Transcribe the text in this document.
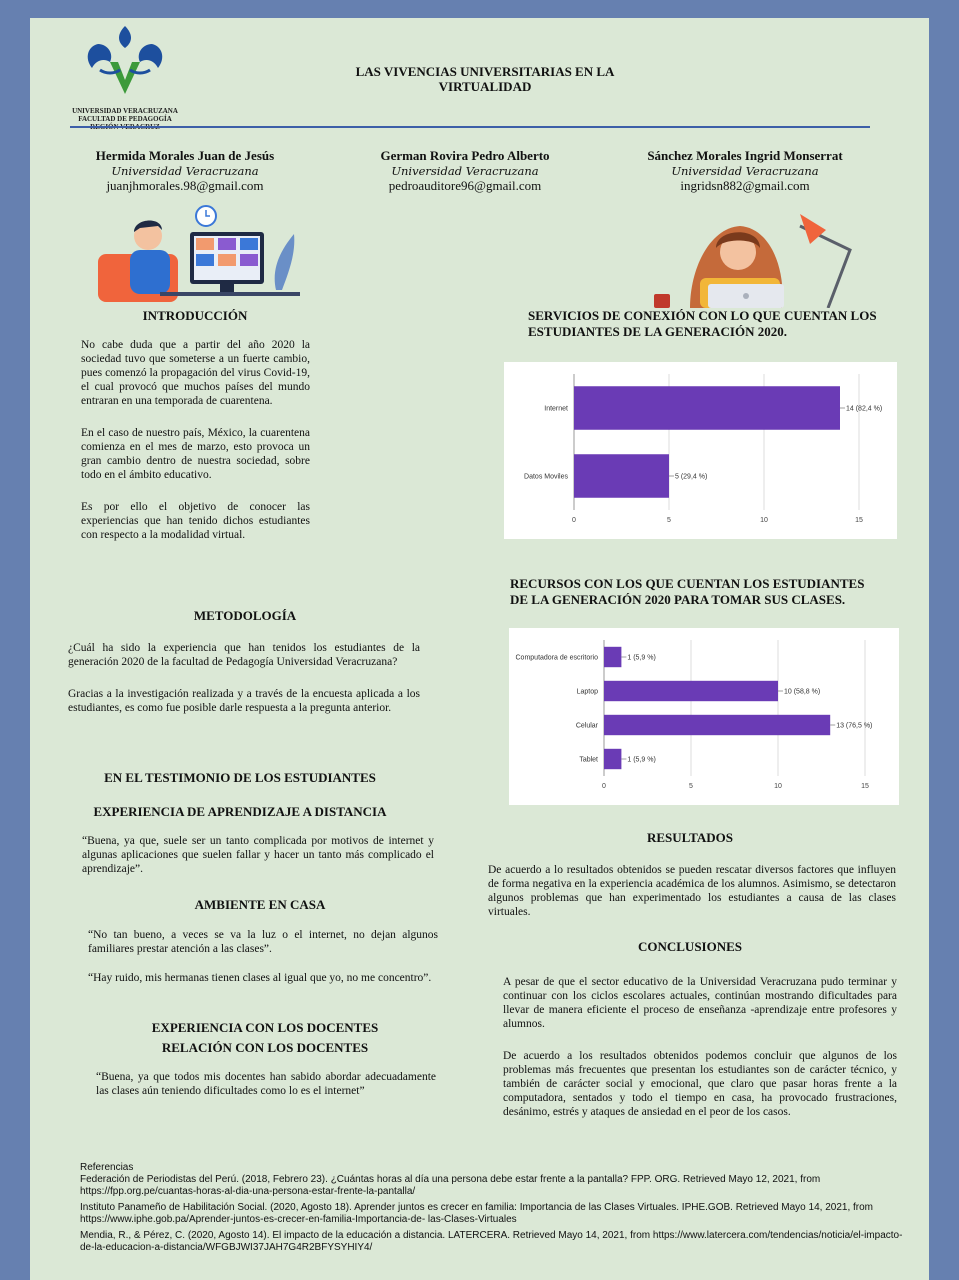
UNIVERSIDAD VERACRUZANA
FACULTAD DE PEDAGOGÍA
LAS VIVENCIAS UNIVERSITARIAS EN LA
VIRTUALIDAD
Hermida Morales Juan de Jesús
Universidad Veracruzana
juanjhmorales.98@gmail.com
German Rovira Pedro Alberto
Universidad Veracruzana
pedroauditore96@gmail.com
Sánchez Morales Ingrid Monserrat
Universidad Veracruzana
ingridsn882@gmail.com
INTRODUCCIÓN

No cabe duda que a partir del año 2020 la sociedad tuvo que someterse a un fuerte cambio, pues comenzó la propagación del virus Covid-19, el cual provocó que muchos países del mundo entraran en una temporada de cuarentena.

En el caso de nuestro país, México, la cuarentena comienza en el mes de marzo, esto provoca un gran cambio dentro de nuestra sociedad, sobre todo en el ámbito educativo.

Es por ello el objetivo de conocer las experiencias que han tenido dichos estudiantes con respecto a la modalidad virtual.

METODOLOGÍA

¿Cuál ha sido la experiencia que han tenidos los estudiantes de la generación 2020 de la facultad de Pedagogía Universidad Veracruzana?

Gracias a la investigación realizada y a través de la encuesta aplicada a los estudiantes, es como fue posible darle respuesta a la pregunta anterior.

EN EL TESTIMONIO DE LOS ESTUDIANTES
EXPERIENCIA DE APRENDIZAJE A DISTANCIA

“Buena, ya que, suele ser un tanto complicada por motivos de internet y algunas aplicaciones que suelen fallar y hacer un tanto más complicado el aprendizaje”.

AMBIENTE EN CASA

“No tan bueno, a veces se va la luz o el internet, no dejan algunos familiares prestar atención a las clases”.

“Hay ruido, mis hermanas tienen clases al igual que yo, no me concentro”.

EXPERIENCIA CON LOS DOCENTES
RELACIÓN CON LOS DOCENTES

“Buena, ya que todos mis docentes han sabido abordar adecuadamente las clases aún teniendo dificultades como lo es el internet”

SERVICIOS DE CONEXIÓN CON LO QUE CUENTAN LOS
ESTUDIANTES DE LA GENERACIÓN 2020.
0	5	10	15
Internet	14 (82,4 %)
Datos Moviles	5 (29,4 %)
RECURSOS CON LOS QUE CUENTAN LOS ESTUDIANTES
DE LA GENERACIÓN 2020 PARA TOMAR SUS CLASES.
0	5	10	15
Computadora de escritorio	1 (5,9 %)
Laptop	10 (58,8 %)
Celular	13 (76,5 %)
Tablet	1 (5,9 %)
RESULTADOS

De acuerdo a lo resultados obtenidos se pueden rescatar diversos factores que influyen de forma negativa en la experiencia académica de los alumnos. Asimismo, se detectaron algunos problemas que han experimentado los estudiantes a causa de las clases virtuales.

CONCLUSIONES

A pesar de que el sector educativo de la Universidad Veracruzana pudo terminar y continuar con los ciclos escolares actuales, continúan mostrando dificultades para llevar de manera eficiente el proceso de enseñanza -aprendizaje entre profesores y alumnos.

De acuerdo a los resultados obtenidos podemos concluir que algunos de los problemas más frecuentes que presentan los estudiantes son de carácter técnico, y también de carácter social y emocional, que claro que pasar horas frente a la computadora, sentados y todo el tiempo en casa, ha provocado frustraciones, desánimo, estrés y ataques de ansiedad en el peor de los casos.

Referencias

Federación de Periodistas del Perú. (2018, Febrero 23). ¿Cuántas horas al día una persona debe estar frente a la pantalla? FPP. ORG. Retrieved Mayo 12, 2021, from https://fpp.org.pe/cuantas-horas-al-dia-una-persona-estar-frente-la-pantalla/

Instituto Panameño de Habilitación Social. (2020, Agosto 18). Aprender juntos es crecer en familia: Importancia de las Clases Virtuales. IPHE.GOB. Retrieved Mayo 14, 2021, from https://www.iphe.gob.pa/Aprender-juntos-es-crecer-en-familia-Importancia-de- las-Clases-Virtuales

Mendia, R., & Pérez, C. (2020, Agosto 14). El impacto de la educación a distancia. LATERCERA. Retrieved Mayo 14, 2021, from https://www.latercera.com/tendencias/noticia/el-impacto-de-la-educacion-a-distancia/WFGBJWI37JAH7G4R2BFYSYHIY4/
